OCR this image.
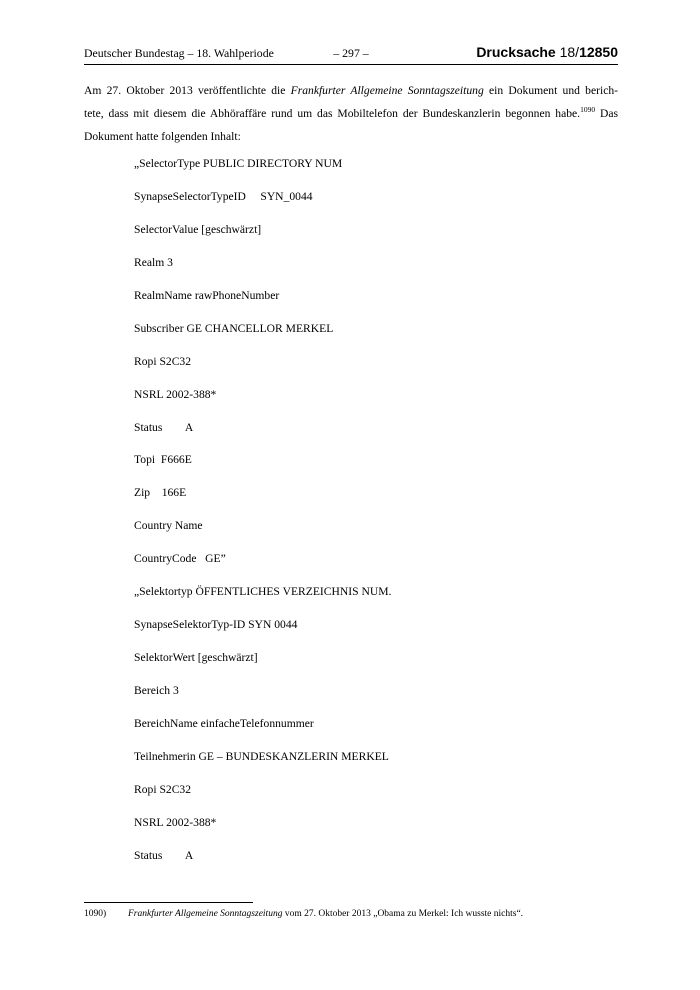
Deutscher Bundestag – 18. Wahlperiode	– 297 –	Drucksache 18/12850
Am 27. Oktober 2013 veröffentlichte die Frankfurter Allgemeine Sonntagszeitung ein Dokument und berich-
tete, dass mit diesem die Abhöraffäre rund um das Mobiltelefon der Bundeskanzlerin begonnen habe.$^{1090}$ Das
Dokument hatte folgenden Inhalt:
„SelectorType PUBLIC DIRECTORY NUM
SynapseSelectorTypeID     SYN_0044
SelectorValue [geschwärzt]
Realm 3
RealmName rawPhoneNumber
Subscriber GE CHANCELLOR MERKEL
Ropi S2C32
NSRL 2002-388*
Status        A
Topi  F666E
Zip    166E
Country Name
CountryCode   GE”
„Selektortyp ÖFFENTLICHES VERZEICHNIS NUM.
SynapseSelektorTyp-ID SYN 0044
SelektorWert [geschwärzt]
Bereich 3
BereichName einfacheTelefonnummer
Teilnehmerin GE – BUNDESKANZLERIN MERKEL
Ropi S2C32
NSRL 2002-388*
Status        A
1090) Frankfurter Allgemeine Sonntagszeitung vom 27. Oktober 2013 „Obama zu Merkel: Ich wusste nichts“.
